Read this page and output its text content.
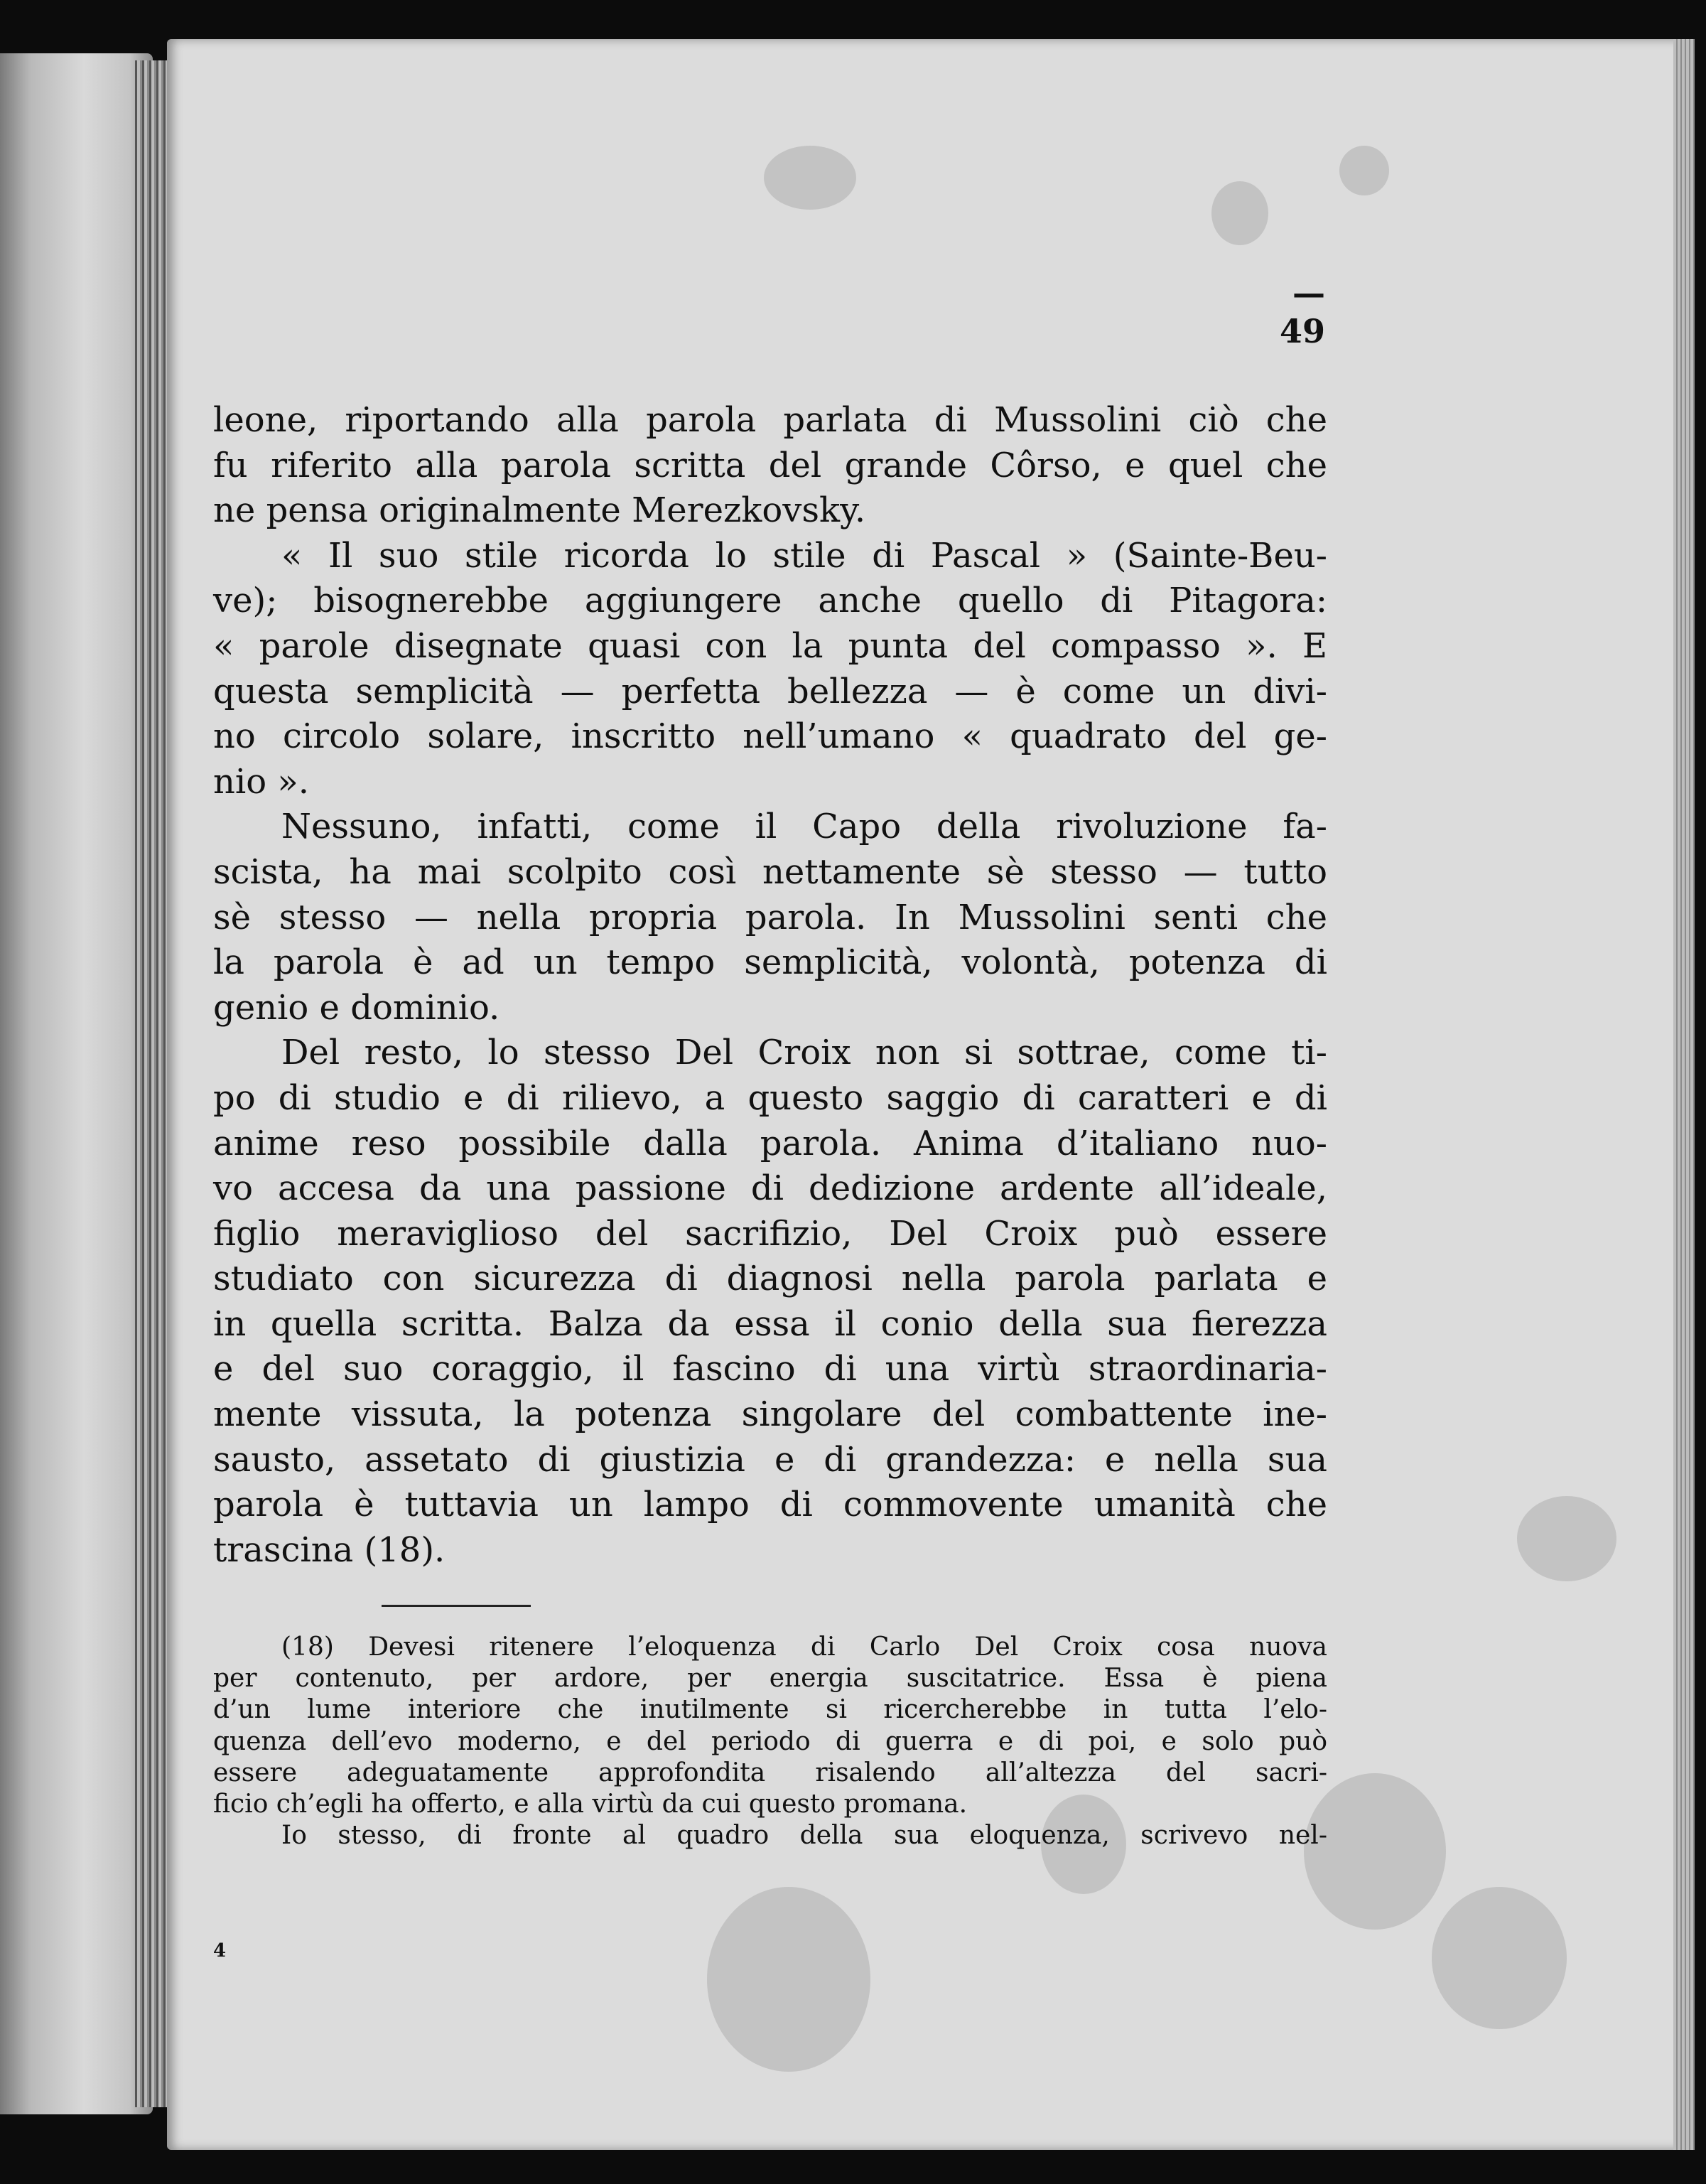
— 49
leone, riportando alla parola parlata di Mussolini ciò che
fu riferito alla parola scritta del grande Côrso, e quel che
ne pensa originalmente Merezkovsky.
« Il suo stile ricorda lo stile di Pascal » (Sainte-Beu-
ve); bisognerebbe aggiungere anche quello di Pitagora:
« parole disegnate quasi con la punta del compasso ». E
questa semplicità — perfetta bellezza — è come un divi-
no circolo solare, inscritto nell’umano « quadrato del ge-
nio ».
Nessuno, infatti, come il Capo della rivoluzione fa-
scista, ha mai scolpito così nettamente sè stesso — tutto
sè stesso — nella propria parola. In Mussolini senti che
la parola è ad un tempo semplicità, volontà, potenza di
genio e dominio.
Del resto, lo stesso Del Croix non si sottrae, come ti-
po di studio e di rilievo, a questo saggio di caratteri e di
anime reso possibile dalla parola. Anima d’italiano nuo-
vo accesa da una passione di dedizione ardente all’ideale,
figlio meraviglioso del sacrifizio, Del Croix può essere
studiato con sicurezza di diagnosi nella parola parlata e
in quella scritta. Balza da essa il conio della sua fierezza
e del suo coraggio, il fascino di una virtù straordinaria-
mente vissuta, la potenza singolare del combattente ine-
sausto, assetato di giustizia e di grandezza: e nella sua
parola è tuttavia un lampo di commovente umanità che
trascina (18).
(18) Devesi ritenere l’eloquenza di Carlo Del Croix cosa nuova
per contenuto, per ardore, per energia suscitatrice. Essa è piena
d’un lume interiore che inutilmente si ricercherebbe in tutta l’elo-
quenza dell’evo moderno, e del periodo di guerra e di poi, e solo può
essere adeguatamente approfondita risalendo all’altezza del sacri-
ficio ch’egli ha offerto, e alla virtù da cui questo promana.
Io stesso, di fronte al quadro della sua eloquenza, scrivevo nel-
4
